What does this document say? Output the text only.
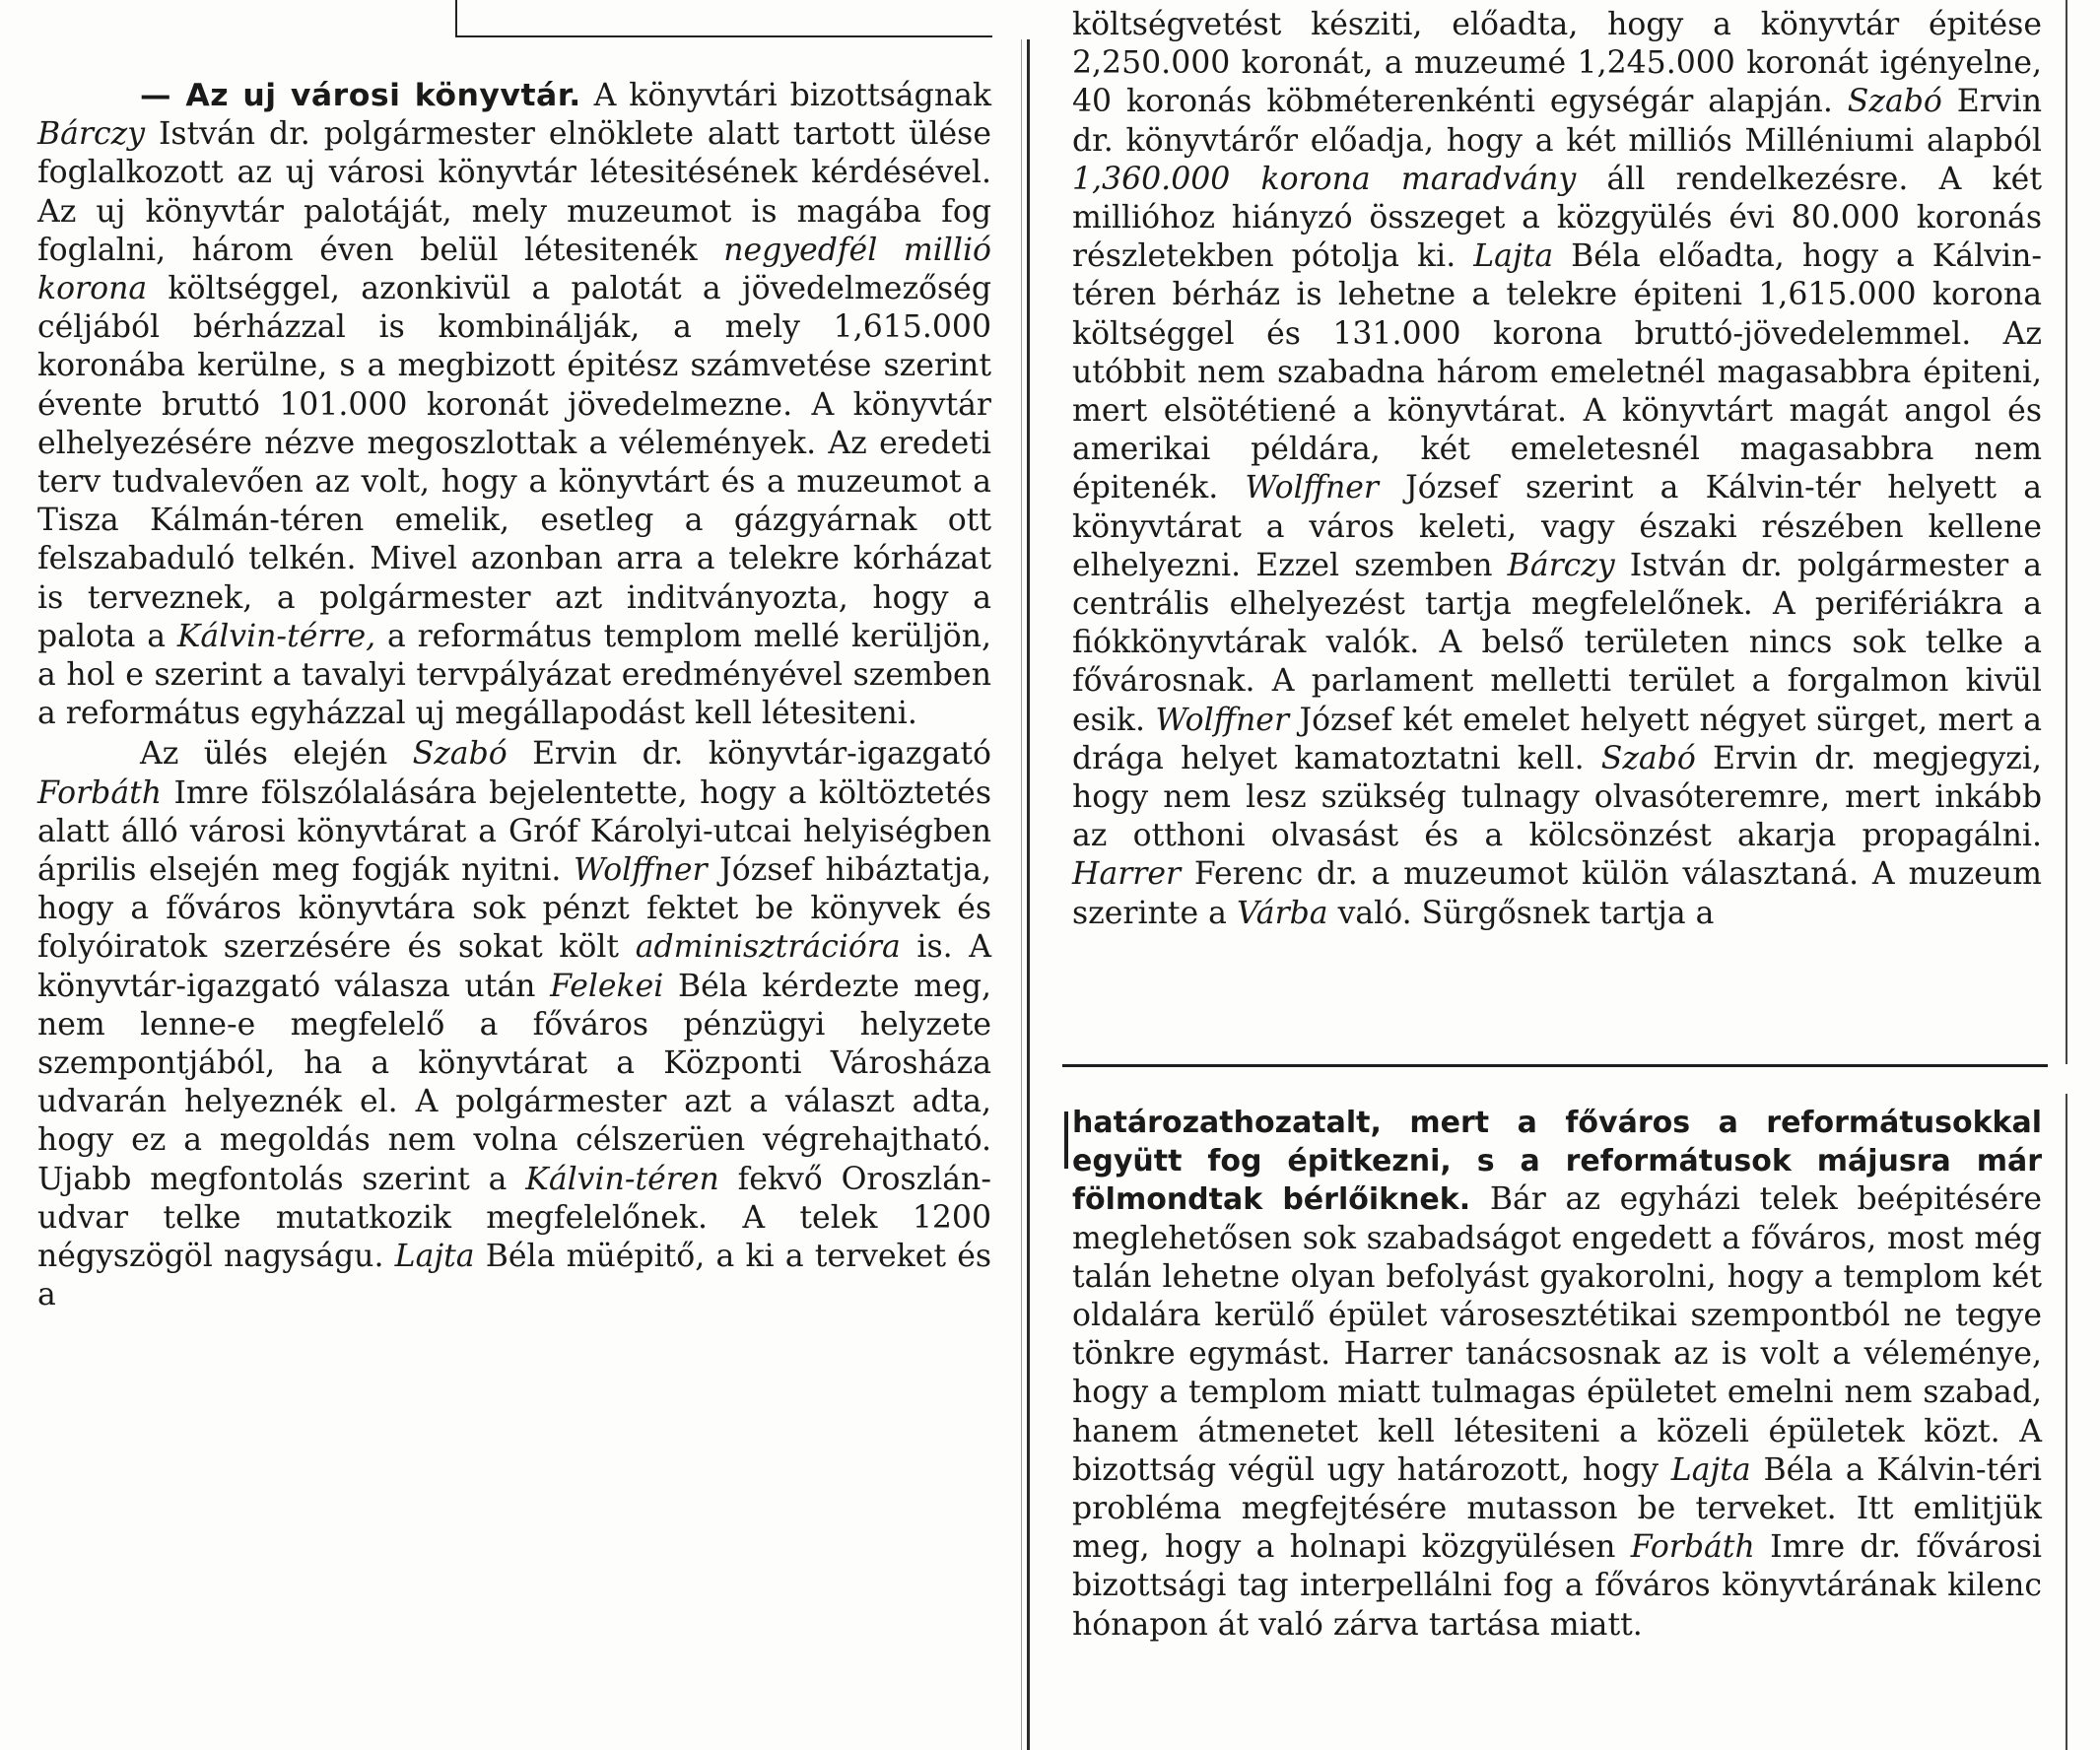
— Az uj városi könyvtár. A könyvtári bizottságnak Bárczy István dr. polgármester elnöklete alatt tartott ülése foglalkozott az uj városi könyvtár létesitésének kérdésével. Az uj könyvtár palotáját, mely muzeumot is magába fog foglalni, három éven belül létesitenék negyedfél millió korona költséggel, azonkivül a palotát a jövedelmezőség céljából bérházzal is kombinálják, a mely 1,615.000 koronába kerülne, s a megbizott épitész számvetése szerint évente bruttó 101.000 koronát jövedelmezne. A könyvtár elhelyezésére nézve megoszlottak a vélemények. Az eredeti terv tudvalevően az volt, hogy a könyvtárt és a muzeumot a Tisza Kálmán-téren emelik, esetleg a gázgyárnak ott felszabaduló telkén. Mivel azonban arra a telekre kórházat is terveznek, a polgármester azt inditványozta, hogy a palota a Kálvin-térre, a református templom mellé kerüljön, a hol e szerint a tavalyi tervpályázat eredményével szemben a református egyházzal uj megállapodást kell létesiteni.

Az ülés elején Szabó Ervin dr. könyvtár-igazgató Forbáth Imre fölszólalására bejelentette, hogy a költöztetés alatt álló városi könyvtárat a Gróf Károlyi-utcai helyiségben április elsején meg fogják nyitni. Wolffner József hibáztatja, hogy a főváros könyvtára sok pénzt fektet be könyvek és folyóiratok szerzésére és sokat költ adminisztrációra is. A könyvtár-igazgató válasza után Felekei Béla kérdezte meg, nem lenne-e megfelelő a főváros pénzügyi helyzete szempontjából, ha a könyvtárat a Központi Városháza udvarán helyeznék el. A polgármester azt a választ adta, hogy ez a megoldás nem volna célszerüen végrehajtható. Ujabb megfontolás szerint a Kálvin-téren fekvő Oroszlán-udvar telke mutatkozik megfelelőnek. A telek 1200 négyszögöl nagyságu. Lajta Béla müépitő, a ki a terveket és a

költségvetést késziti, előadta, hogy a könyvtár épitése 2,250.000 koronát, a muzeumé 1,245.000 koronát igényelne, 40 koronás köbméterenkénti egységár alapján. Szabó Ervin dr. könyvtárőr előadja, hogy a két milliós Milléniumi alapból 1,360.000 korona maradvány áll rendelkezésre. A két millióhoz hiányzó összeget a közgyülés évi 80.000 koronás részletekben pótolja ki. Lajta Béla előadta, hogy a Kálvin-téren bérház is lehetne a telekre épiteni 1,615.000 korona költséggel és 131.000 korona bruttó-jövedelemmel. Az utóbbit nem szabadna három emeletnél magasabbra épiteni, mert elsötétiené a könyvtárat. A könyvtárt magát angol és amerikai példára, két emeletesnél magasabbra nem épitenék. Wolffner József szerint a Kálvin-tér helyett a könyvtárat a város keleti, vagy északi részében kellene elhelyezni. Ezzel szemben Bárczy István dr. polgármester a centrális elhelyezést tartja megfelelőnek. A perifériákra a fiókkönyvtárak valók. A belső területen nincs sok telke a fővárosnak. A parlament melletti terület a forgalmon kivül esik. Wolffner József két emelet helyett négyet sürget, mert a drága helyet kamatoztatni kell. Szabó Ervin dr. megjegyzi, hogy nem lesz szükség tulnagy olvasóteremre, mert inkább az otthoni olvasást és a kölcsönzést akarja propagálni. Harrer Ferenc dr. a muzeumot külön választaná. A muzeum szerinte a Várba való. Sürgősnek tartja a

határozathozatalt, mert a főváros a reformátusokkal együtt fog épitkezni, s a reformátusok májusra már fölmondtak bérlőiknek. Bár az egyházi telek beépitésére meglehetősen sok szabadságot engedett a főváros, most még talán lehetne olyan befolyást gyakorolni, hogy a templom két oldalára kerülő épület városesztétikai szempontból ne tegye tönkre egymást. Harrer tanácsosnak az is volt a véleménye, hogy a templom miatt tulmagas épületet emelni nem szabad, hanem átmenetet kell létesiteni a közeli épületek közt. A bizottság végül ugy határozott, hogy Lajta Béla a Kálvin-téri probléma megfejtésére mutasson be terveket. Itt emlitjük meg, hogy a holnapi közgyülésen Forbáth Imre dr. fővárosi bizottsági tag interpellálni fog a főváros könyvtárának kilenc hónapon át való zárva tartása miatt.
